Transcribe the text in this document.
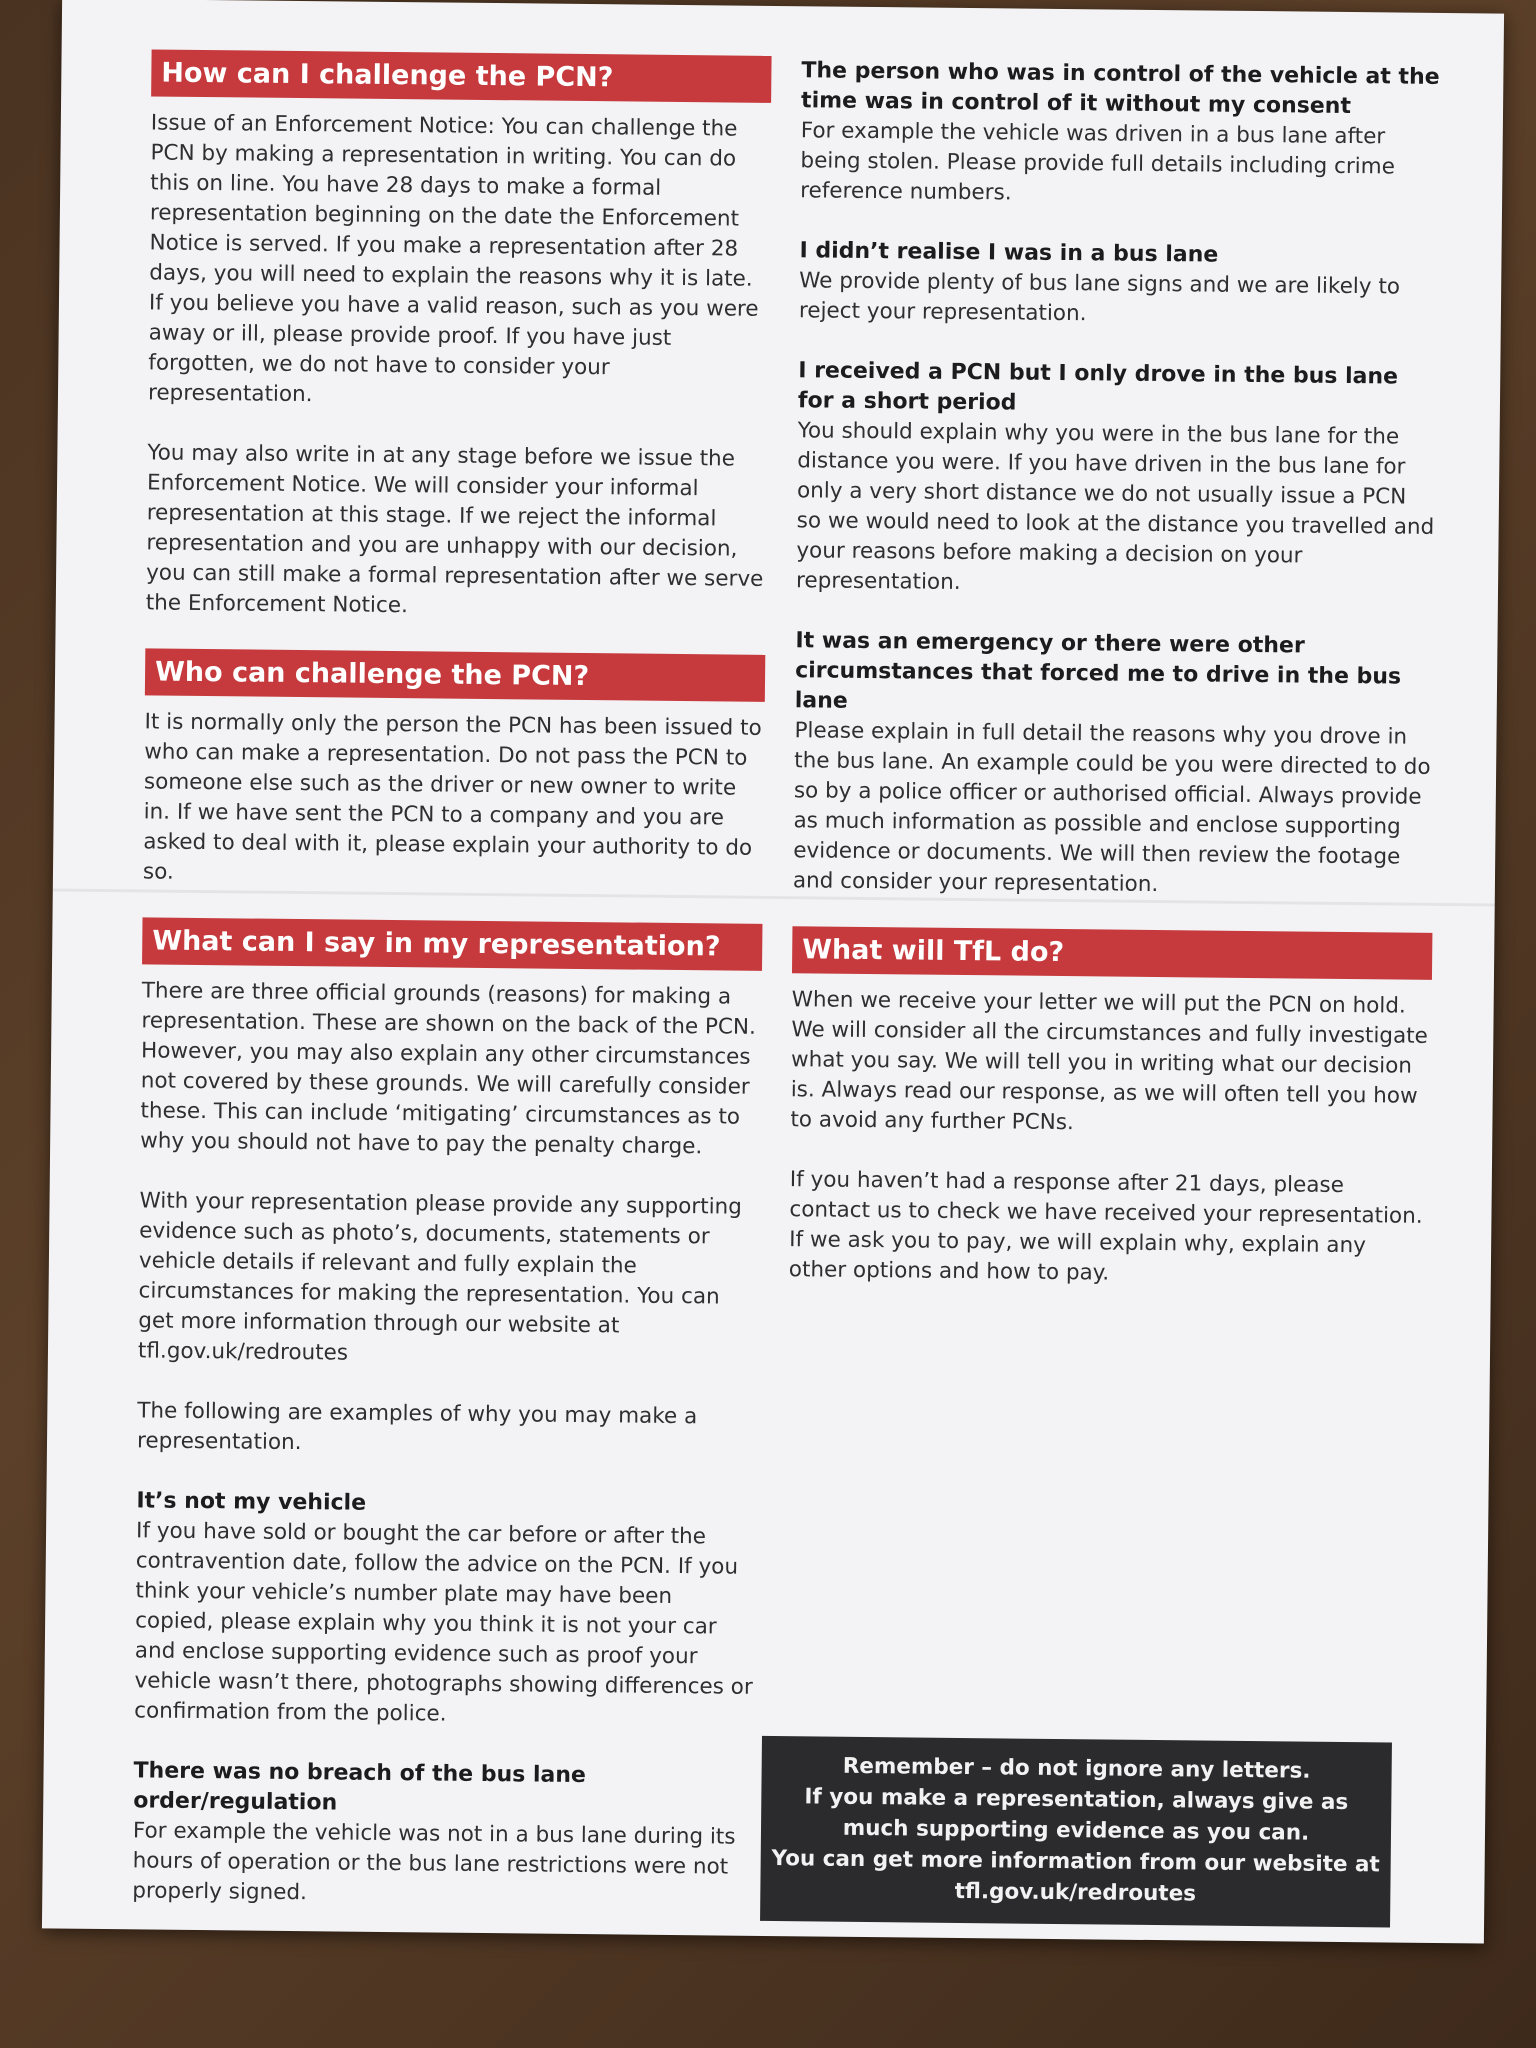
How can I challenge the PCN?

Issue of an Enforcement Notice: You can challenge the PCN by making a representation in writing. You can do this on line. You have 28 days to make a formal representation beginning on the date the Enforcement Notice is served. If you make a representation after 28 days, you will need to explain the reasons why it is late. If you believe you have a valid reason, such as you were away or ill, please provide proof. If you have just forgotten, we do not have to consider your representation.

You may also write in at any stage before we issue the Enforcement Notice. We will consider your informal representation at this stage. If we reject the informal representation and you are unhappy with our decision, you can still make a formal representation after we serve the Enforcement Notice.

Who can challenge the PCN?

It is normally only the person the PCN has been issued to who can make a representation. Do not pass the PCN to someone else such as the driver or new owner to write in. If we have sent the PCN to a company and you are asked to deal with it, please explain your authority to do so.

What can I say in my representation?

There are three official grounds (reasons) for making a representation. These are shown on the back of the PCN. However, you may also explain any other circumstances not covered by these grounds. We will carefully consider these. This can include ‘mitigating’ circumstances as to why you should not have to pay the penalty charge.

With your representation please provide any supporting evidence such as photo’s, documents, statements or vehicle details if relevant and fully explain the circumstances for making the representation. You can get more information through our website at tfl.gov.uk/redroutes

The following are examples of why you may make a representation.

It’s not my vehicle

If you have sold or bought the car before or after the contravention date, follow the advice on the PCN. If you think your vehicle’s number plate may have been copied, please explain why you think it is not your car and enclose supporting evidence such as proof your vehicle wasn’t there, photographs showing differences or confirmation from the police.

There was no breach of the bus lane order/regulation

For example the vehicle was not in a bus lane during its hours of operation or the bus lane restrictions were not properly signed.

The person who was in control of the vehicle at the time was in control of it without my consent

For example the vehicle was driven in a bus lane after being stolen. Please provide full details including crime reference numbers.

I didn’t realise I was in a bus lane

We provide plenty of bus lane signs and we are likely to reject your representation.

I received a PCN but I only drove in the bus lane for a short period

You should explain why you were in the bus lane for the distance you were. If you have driven in the bus lane for only a very short distance we do not usually issue a PCN so we would need to look at the distance you travelled and your reasons before making a decision on your representation.

It was an emergency or there were other circumstances that forced me to drive in the bus lane

Please explain in full detail the reasons why you drove in the bus lane. An example could be you were directed to do so by a police officer or authorised official. Always provide as much information as possible and enclose supporting evidence or documents. We will then review the footage and consider your representation.

What will TfL do?

When we receive your letter we will put the PCN on hold. We will consider all the circumstances and fully investigate what you say. We will tell you in writing what our decision is. Always read our response, as we will often tell you how to avoid any further PCNs.

If you haven’t had a response after 21 days, please contact us to check we have received your representation. If we ask you to pay, we will explain why, explain any other options and how to pay.

Remember – do not ignore any letters.
If you make a representation, always give as much supporting evidence as you can.
You can get more information from our website at tfl.gov.uk/redroutes
